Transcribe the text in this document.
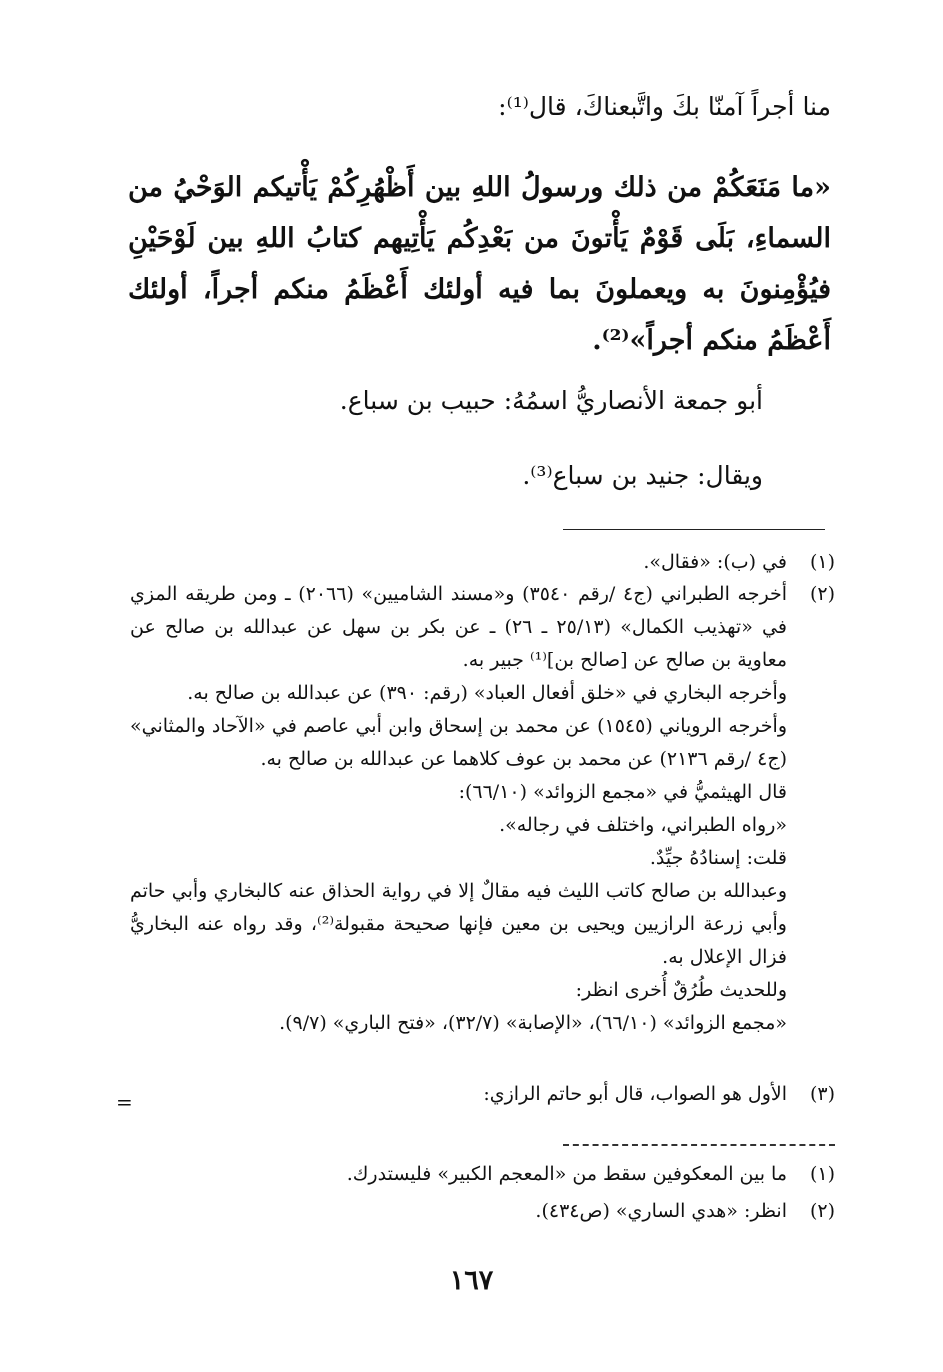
منا أجراً آمنّا بكَ واتَّبعناكَ، قال⁽¹⁾:
«ما مَنَعَكُمْ من ذلك ورسولُ اللهِ بين أَظْهُرِكُمْ يَأْتيكم الوَحْيُ من السماءِ، بَلَى قَوْمٌ يَأْتونَ من بَعْدِكُم يَأْتِيهم كتابُ اللهِ بين لَوْحَيْنِ فيُؤْمِنونَ به ويعملونَ بما فيه أولئك أَعْظَمُ منكم أجراً، أولئك أَعْظَمُ منكم أجراً»⁽²⁾.
أبو جمعة الأنصاريُّ اسمُهُ: حبيب بن سباع.
ويقال: جنيد بن سباع⁽³⁾.
(١)

في (ب): «فقال».

(٢)

أخرجه الطبراني (ج٤ /رقم ٣٥٤٠) و«مسند الشاميين» (٢٠٦٦) ـ ومن طريقه المزي في «تهذيب الكمال» (٢٥/١٣ ـ ٢٦) ـ عن بكر بن سهل عن عبدالله بن صالح عن معاوية بن صالح عن [صالح بن]⁽¹⁾ جبير به.

وأخرجه البخاري في «خلق أفعال العباد» (رقم: ٣٩٠) عن عبدالله بن صالح به.

وأخرجه الروياني (١٥٤٥) عن محمد بن إسحاق وابن أبي عاصم في «الآحاد والمثاني» (ج٤ /رقم ٢١٣٦) عن محمد بن عوف كلاهما عن عبدالله بن صالح به.

قال الهيثميُّ في «مجمع الزوائد» (٦٦/١٠):

«رواه الطبراني، واختلف في رجاله».

قلت: إسنادُهُ جيِّدٌ.

وعبدالله بن صالح كاتب الليث فيه مقالٌ إلا في رواية الحذاق عنه كالبخاري وأبي حاتم وأبي زرعة الرازيين ويحيى بن معين فإنها صحيحة مقبولة⁽²⁾، وقد رواه عنه البخاريُّ فزال الإعلال به.

وللحديث طُرُقٌ أُخرى انظر:

«مجمع الزوائد» (٦٦/١٠)، «الإصابة» (٣٢/٧)، «فتح الباري» (٩/٧).

(٣)

الأول هو الصواب، قال أبو حاتم الرازي:

=
(١)

ما بين المعكوفين سقط من «المعجم الكبير» فليستدرك.

(٢)

انظر: «هدي الساري» (ص٤٣٤).

١٦٧
